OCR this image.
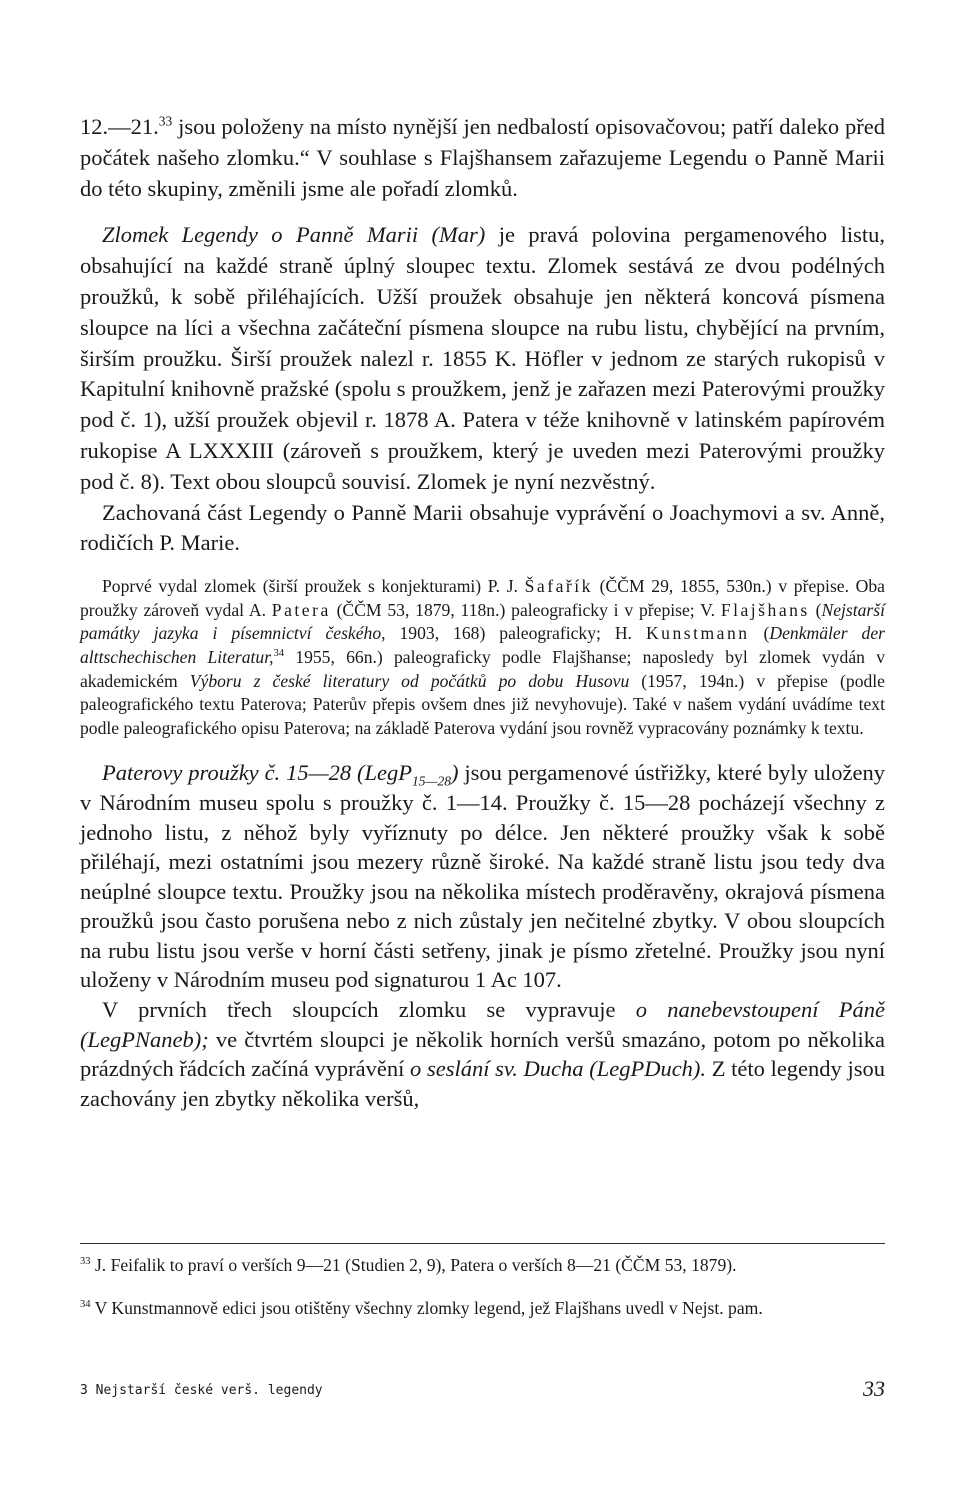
12.—21.33 jsou položeny na místo nynější jen nedbalostí opisovačovou; patří daleko před počátek našeho zlomku.“ V souhlase s Flajšhansem zařazujeme Legendu o Panně Marii do této skupiny, změnili jsme ale pořadí zlomků.

Zlomek Legendy o Panně Marii (Mar) je pravá polovina pergamenového listu, obsahující na každé straně úplný sloupec textu. Zlomek sestává ze dvou podélných proužků, k sobě přiléhajících. Užší proužek obsahuje jen některá koncová písmena sloupce na líci a všechna začáteční písmena sloupce na rubu listu, chybějící na prvním, širším proužku. Širší proužek nalezl r. 1855 K. Höfler v jednom ze starých rukopisů v Kapitulní knihovně pražské (spolu s proužkem, jenž je zařazen mezi Paterovými proužky pod č. 1), užší proužek objevil r. 1878 A. Patera v téže knihovně v latinském papírovém rukopise A LXXXIII (zároveň s proužkem, který je uveden mezi Paterovými proužky pod č. 8). Text obou sloupců souvisí. Zlomek je nyní nezvěstný.

Zachovaná část Legendy o Panně Marii obsahuje vyprávění o Joachymovi a sv. Anně, rodičích P. Marie.

Poprvé vydal zlomek (širší proužek s konjekturami) P. J. Šafařík (ČČM 29, 1855, 530n.) v přepise. Oba proužky zároveň vydal A. Patera (ČČM 53, 1879, 118n.) paleograficky i v přepise; V. Flajšhans (Nejstarší památky jazyka i písemnictví českého, 1903, 168) paleograficky; H. Kunstmann (Denkmäler der alttschechischen Literatur,$^{34}$ 1955, 66n.) paleograficky podle Flajšhanse; naposledy byl zlomek vydán v akademickém Výboru z české literatury od počátků po dobu Husovu (1957, 194n.) v přepise (podle paleografického textu Paterova; Paterův přepis ovšem dnes již nevyhovuje). Také v našem vydání uvádíme text podle paleografického opisu Paterova; na základě Paterova vydání jsou rovněž vypracovány poznámky k textu.

Paterovy proužky č. 15—28 (LegP$_{15—28}$) jsou pergamenové ústřižky, které byly uloženy v Národním museu spolu s proužky č. 1—14. Proužky č. 15—28 pocházejí všechny z jednoho listu, z něhož byly vyříznuty po délce. Jen některé proužky však k sobě přiléhají, mezi ostatními jsou mezery různě široké. Na každé straně listu jsou tedy dva neúplné sloupce textu. Proužky jsou na několika místech proděravěny, okrajová písmena proužků jsou často porušena nebo z nich zůstaly jen nečitelné zbytky. V obou sloupcích na rubu listu jsou verše v horní části setřeny, jinak je písmo zřetelné. Proužky jsou nyní uloženy v Národním museu pod signaturou 1 Ac 107.

V prvních třech sloupcích zlomku se vypravuje o nanebevstoupení Páně (LegPNaneb); ve čtvrtém sloupci je několik horních veršů smazáno, potom po několika prázdných řádcích začíná vyprávění o seslání sv. Ducha (LegPDuch). Z této legendy jsou zachovány jen zbytky několika veršů,

$^{33}$ J. Feifalik to praví o verších 9—21 (Studien 2, 9), Patera o verších 8—21 (ČČM 53, 1879).
$^{34}$ V Kunstmannově edici jsou otištěny všechny zlomky legend, jež Flajšhans uvedl v Nejst. pam.
3 Nejstarší české verš. legendy	33
